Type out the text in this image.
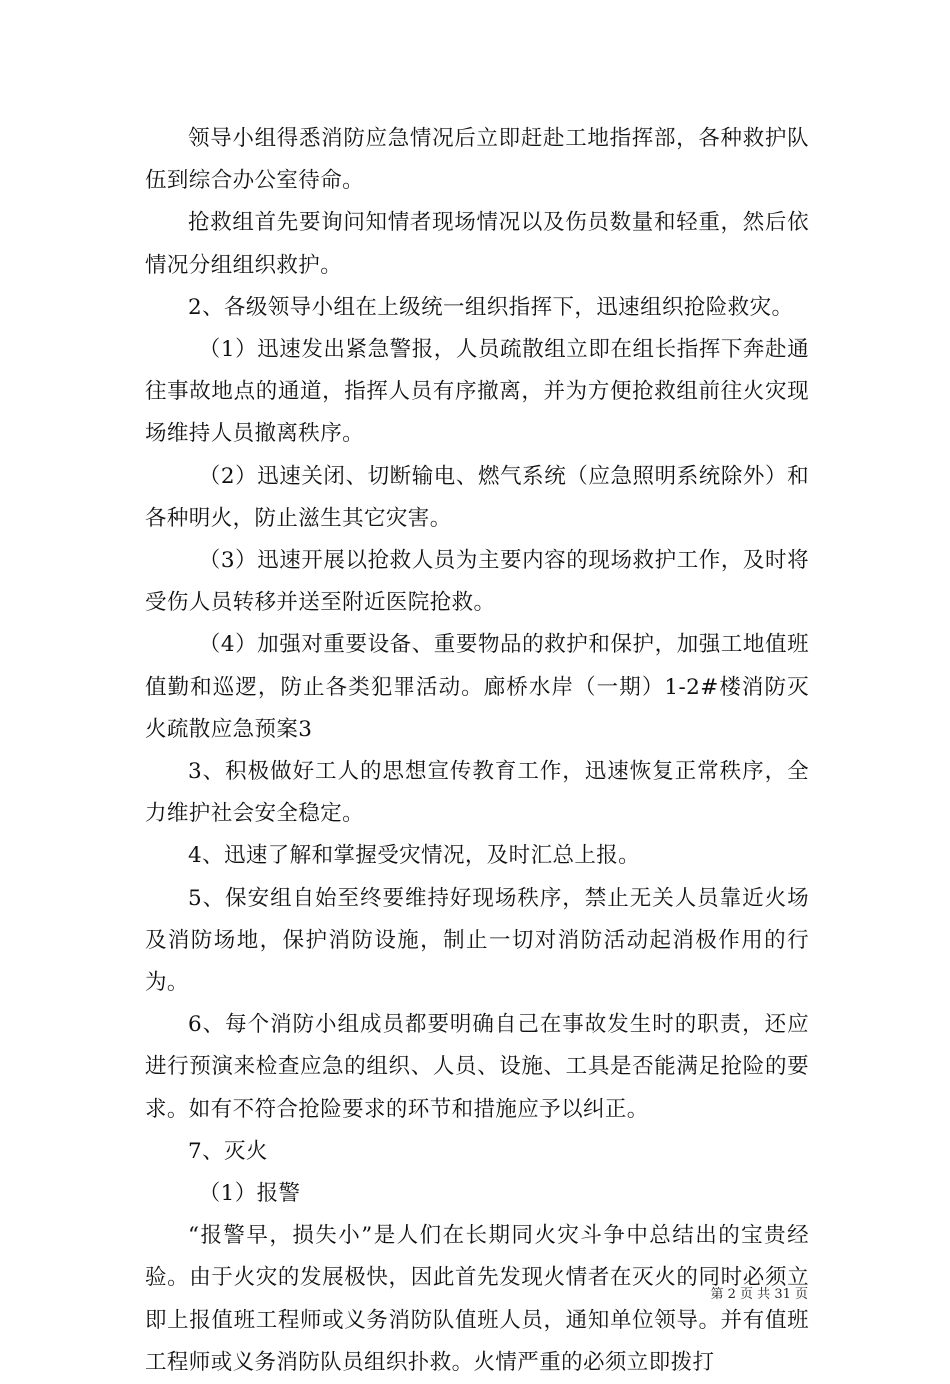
领导小组得悉消防应急情况后立即赶赴工地指挥部，各种救护队伍到综合办公室待命。

抢救组首先要询问知情者现场情况以及伤员数量和轻重，然后依情况分组组织救护。

2、各级领导小组在上级统一组织指挥下，迅速组织抢险救灾。

（1）迅速发出紧急警报，人员疏散组立即在组长指挥下奔赴通往事故地点的通道，指挥人员有序撤离，并为方便抢救组前往火灾现场维持人员撤离秩序。

（2）迅速关闭、切断输电、燃气系统（应急照明系统除外）和各种明火，防止滋生其它灾害。

（3）迅速开展以抢救人员为主要内容的现场救护工作，及时将受伤人员转移并送至附近医院抢救。

（4）加强对重要设备、重要物品的救护和保护，加强工地值班值勤和巡逻，防止各类犯罪活动。廊桥水岸（一期）1-2#楼消防灭火疏散应急预案3

3、积极做好工人的思想宣传教育工作，迅速恢复正常秩序，全力维护社会安全稳定。

4、迅速了解和掌握受灾情况，及时汇总上报。

5、保安组自始至终要维持好现场秩序，禁止无关人员靠近火场及消防场地，保护消防设施，制止一切对消防活动起消极作用的行为。

6、每个消防小组成员都要明确自己在事故发生时的职责，还应进行预演来检查应急的组织、人员、设施、工具是否能满足抢险的要求。如有不符合抢险要求的环节和措施应予以纠正。

7、灭火

（1）报警

“报警早，损失小”是人们在长期同火灾斗争中总结出的宝贵经验。由于火灾的发展极快，因此首先发现火情者在灭火的同时必须立即上报值班工程师或义务消防队值班人员，通知单位领导。并有值班工程师或义务消防队员组织扑救。火情严重的必须立即拨打

第 2 页 共 31 页
